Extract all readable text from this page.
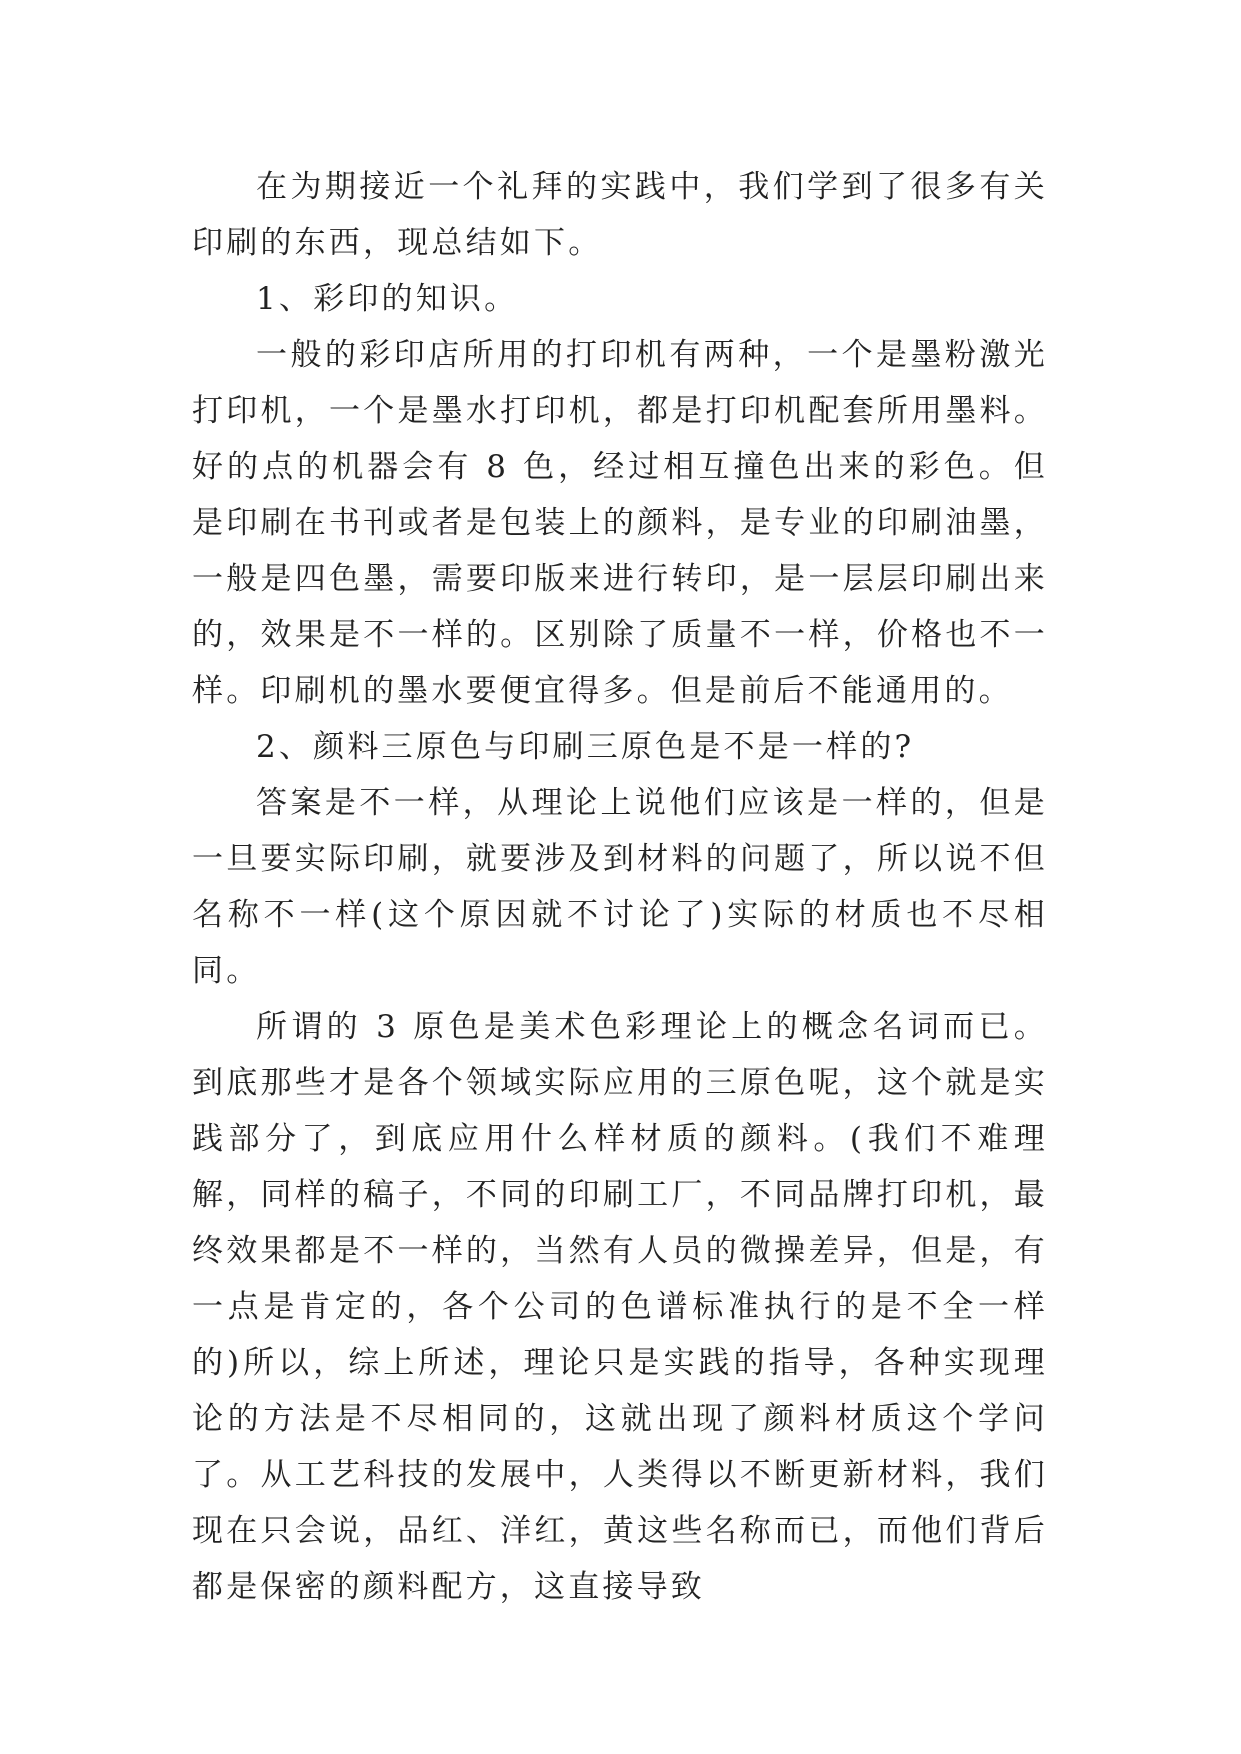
在为期接近一个礼拜的实践中，我们学到了很多有关印刷的东西，现总结如下。

1、彩印的知识。

一般的彩印店所用的打印机有两种，一个是墨粉激光打印机，一个是墨水打印机，都是打印机配套所用墨料。好的点的机器会有 8 色，经过相互撞色出来的彩色。但是印刷在书刊或者是包装上的颜料，是专业的印刷油墨，一般是四色墨，需要印版来进行转印，是一层层印刷出来的，效果是不一样的。区别除了质量不一样，价格也不一样。印刷机的墨水要便宜得多。但是前后不能通用的。

2、颜料三原色与印刷三原色是不是一样的?

答案是不一样，从理论上说他们应该是一样的，但是一旦要实际印刷，就要涉及到材料的问题了，所以说不但名称不一样(这个原因就不讨论了)实际的材质也不尽相同。

所谓的 3 原色是美术色彩理论上的概念名词而已。到底那些才是各个领域实际应用的三原色呢，这个就是实践部分了，到底应用什么样材质的颜料。(我们不难理解，同样的稿子，不同的印刷工厂，不同品牌打印机，最终效果都是不一样的，当然有人员的微操差异，但是，有一点是肯定的，各个公司的色谱标准执行的是不全一样的)所以，综上所述，理论只是实践的指导，各种实现理论的方法是不尽相同的，这就出现了颜料材质这个学问了。从工艺科技的发展中，人类得以不断更新材料，我们现在只会说，品红、洋红，黄这些名称而已，而他们背后都是保密的颜料配方，这直接导致
